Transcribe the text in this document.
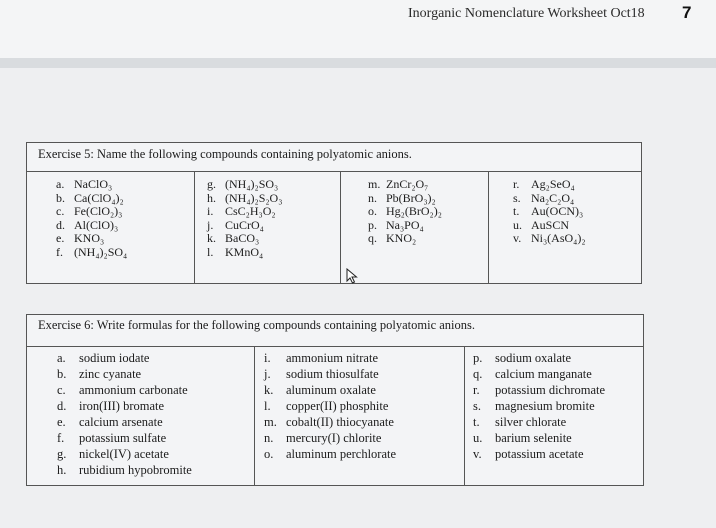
Inorganic Nomenclature Worksheet Oct18 7
Exercise 5: Name the following compounds containing polyatomic anions.
a. NaClO₃
b. Ca(ClO₄)₂
c. Fe(ClO₂)₃
d. Al(ClO)₃
e. KNO₃
f. (NH₄)₂SO₄
g. (NH₄)₂SO₃
h. (NH₄)₂S₂O₃
i. CsC₂H₃O₂
j. CuCrO₄
k. BaCO₃
l. KMnO₄
m. ZnCr₂O₇
n. Pb(BrO₃)₂
o. Hg₂(BrO₂)₂
p. Na₃PO₄
q. KNO₂
r. Ag₂SeO₄
s. Na₂C₂O₄
t. Au(OCN)₃
u. AuSCN
v. Ni₃(AsO₄)₂
Exercise 6: Write formulas for the following compounds containing polyatomic anions.
a. sodium iodate
b. zinc cyanate
c. ammonium carbonate
d. iron(III) bromate
e. calcium arsenate
f. potassium sulfate
g. nickel(IV) acetate
h. rubidium hypobromite
i. ammonium nitrate
j. sodium thiosulfate
k. aluminum oxalate
l. copper(II) phosphite
m. cobalt(II) thiocyanate
n. mercury(I) chlorite
o. aluminum perchlorate
p. sodium oxalate
q. calcium manganate
r. potassium dichromate
s. magnesium bromite
t. silver chlorate
u. barium selenite
v. potassium acetate
